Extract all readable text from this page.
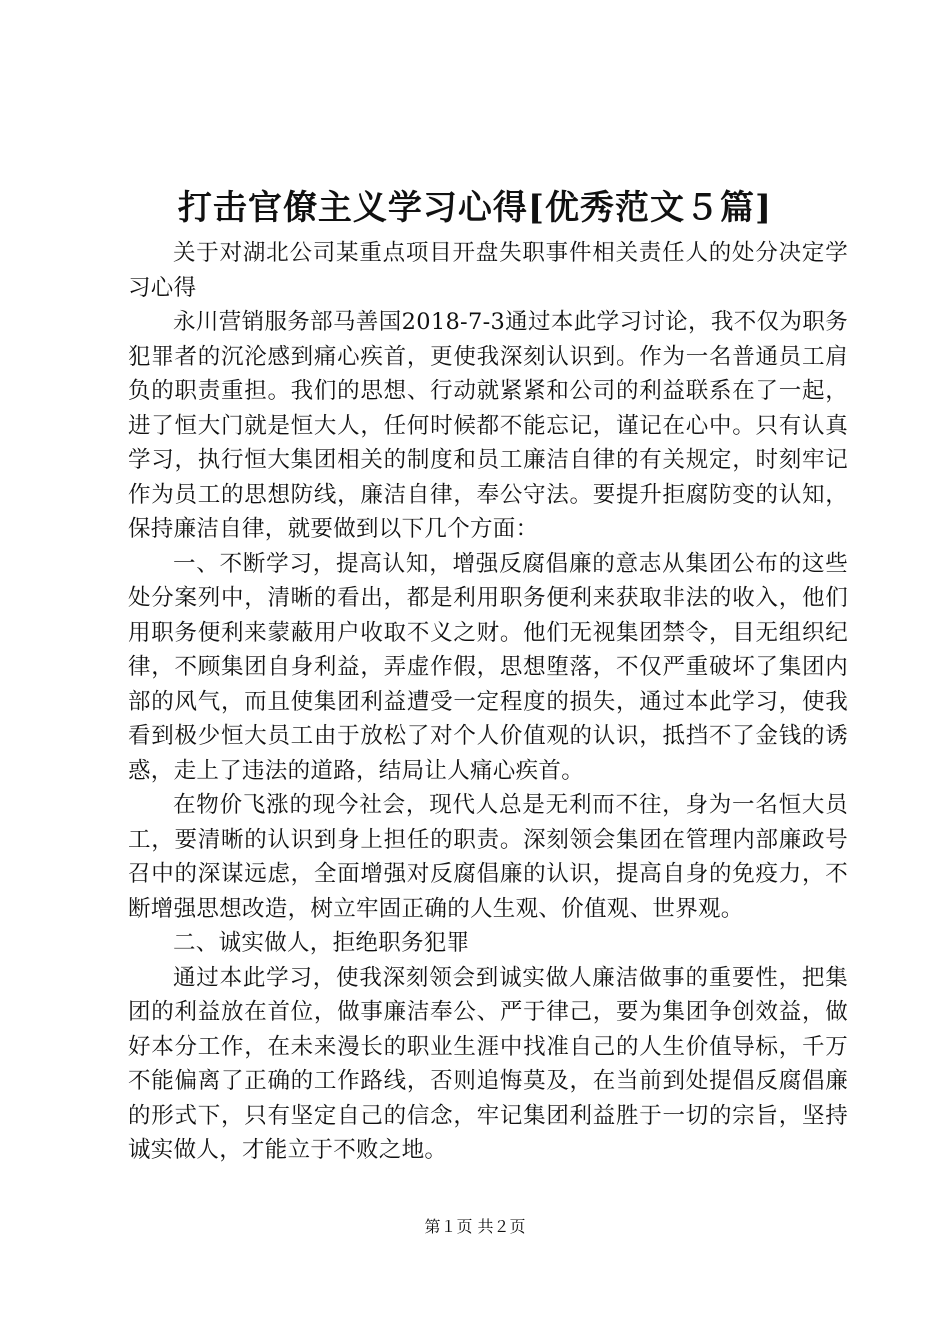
打击官僚主义学习心得[优秀范文５篇]

关于对湖北公司某重点项目开盘失职事件相关责任人的处分决定学习心得

永川营销服务部马善国2018-7-3通过本此学习讨论，我不仅为职务犯罪者的沉沦感到痛心疾首，更使我深刻认识到。作为一名普通员工肩负的职责重担。我们的思想、行动就紧紧和公司的利益联系在了一起，进了恒大门就是恒大人，任何时候都不能忘记，谨记在心中。只有认真学习，执行恒大集团相关的制度和员工廉洁自律的有关规定，时刻牢记作为员工的思想防线，廉洁自律，奉公守法。要提升拒腐防变的认知，保持廉洁自律，就要做到以下几个方面：

一、不断学习，提高认知，增强反腐倡廉的意志从集团公布的这些处分案列中，清晰的看出，都是利用职务便利来获取非法的收入，他们用职务便利来蒙蔽用户收取不义之财。他们无视集团禁令，目无组织纪律，不顾集团自身利益，弄虚作假，思想堕落，不仅严重破坏了集团内部的风气，而且使集团利益遭受一定程度的损失，通过本此学习，使我看到极少恒大员工由于放松了对个人价值观的认识，抵挡不了金钱的诱惑，走上了违法的道路，结局让人痛心疾首。

在物价飞涨的现今社会，现代人总是无利而不往，身为一名恒大员工，要清晰的认识到身上担任的职责。深刻领会集团在管理内部廉政号召中的深谋远虑，全面增强对反腐倡廉的认识，提高自身的免疫力，不断增强思想改造，树立牢固正确的人生观、价值观、世界观。

二、诚实做人，拒绝职务犯罪

通过本此学习，使我深刻领会到诚实做人廉洁做事的重要性，把集团的利益放在首位，做事廉洁奉公、严于律己，要为集团争创效益，做好本分工作，在未来漫长的职业生涯中找准自己的人生价值导标，千万不能偏离了正确的工作路线，否则追悔莫及，在当前到处提倡反腐倡廉的形式下，只有坚定自己的信念，牢记集团利益胜于一切的宗旨，坚持诚实做人，才能立于不败之地。

第１页 共２页
